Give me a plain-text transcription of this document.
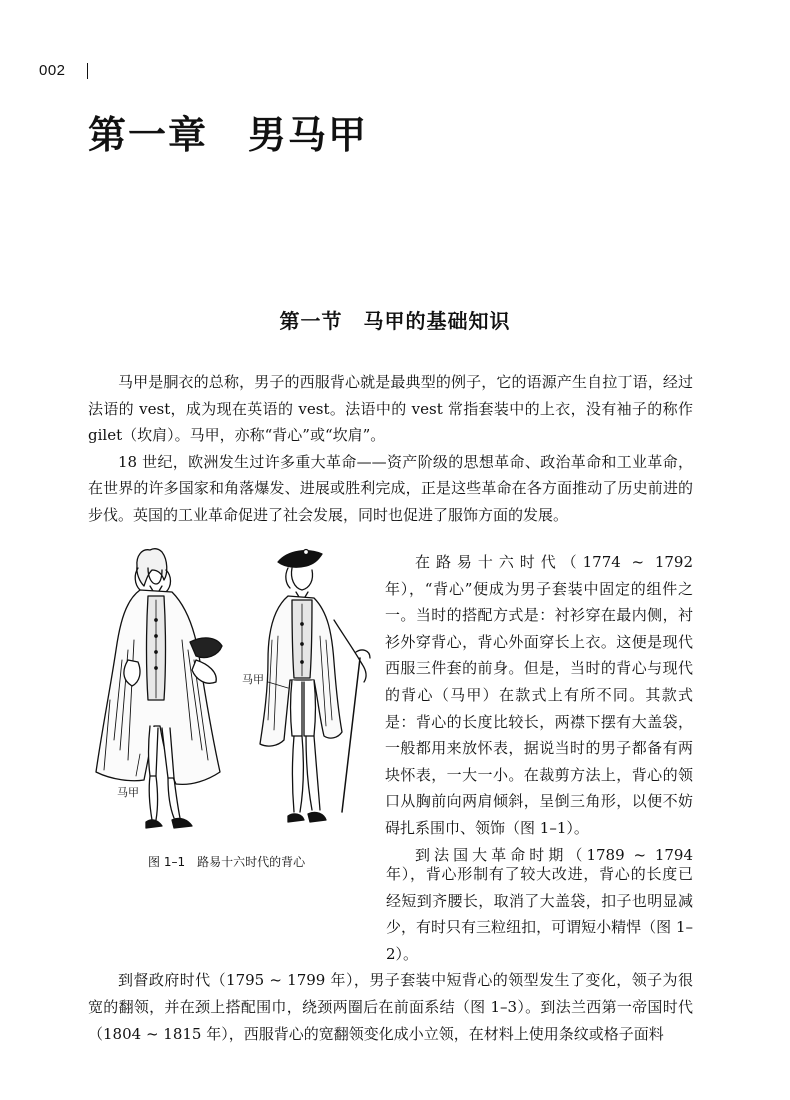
002
第一章　男马甲
第一节　马甲的基础知识

马甲是胴衣的总称，男子的西服背心就是最典型的例子，它的语源产生自拉丁语，经过法语的 vest，成为现在英语的 vest。法语中的 vest 常指套装中的上衣，没有袖子的称作 gilet（坎肩）。马甲，亦称“背心”或“坎肩”。

18 世纪，欧洲发生过许多重大革命——资产阶级的思想革命、政治革命和工业革命，在世界的许多国家和角落爆发、进展或胜利完成，正是这些革命在各方面推动了历史前进的步伐。英国的工业革命促进了社会发展，同时也促进了服饰方面的发展。

马甲
马甲
图 1–1　路易十六时代的背心

在路易十六时代（1774 ~ 1792 年），“背心”便成为男子套装中固定的组件之一。当时的搭配方式是：衬衫穿在最内侧，衬衫外穿背心，背心外面穿长上衣。这便是现代西服三件套的前身。但是，当时的背心与现代的背心（马甲）在款式上有所不同。其款式是：背心的长度比较长，两襟下摆有大盖袋，一般都用来放怀表，据说当时的男子都备有两块怀表，一大一小。在裁剪方法上，背心的领口从胸前向两肩倾斜，呈倒三角形，以便不妨碍扎系围巾、领饰（图 1–1）。

到法国大革命时期（1789 ~ 1794

年），背心形制有了较大改进，背心的长度已经短到齐腰长，取消了大盖袋，扣子也明显减少，有时只有三粒纽扣，可谓短小精悍（图 1–2）。

到督政府时代（1795 ~ 1799 年），男子套装中短背心的领型发生了变化，领子为很宽的翻领，并在颈上搭配围巾，绕颈两圈后在前面系结（图 1–3）。到法兰西第一帝国时代（1804 ~ 1815 年），西服背心的宽翻领变化成小立领，在材料上使用条纹或格子面料
